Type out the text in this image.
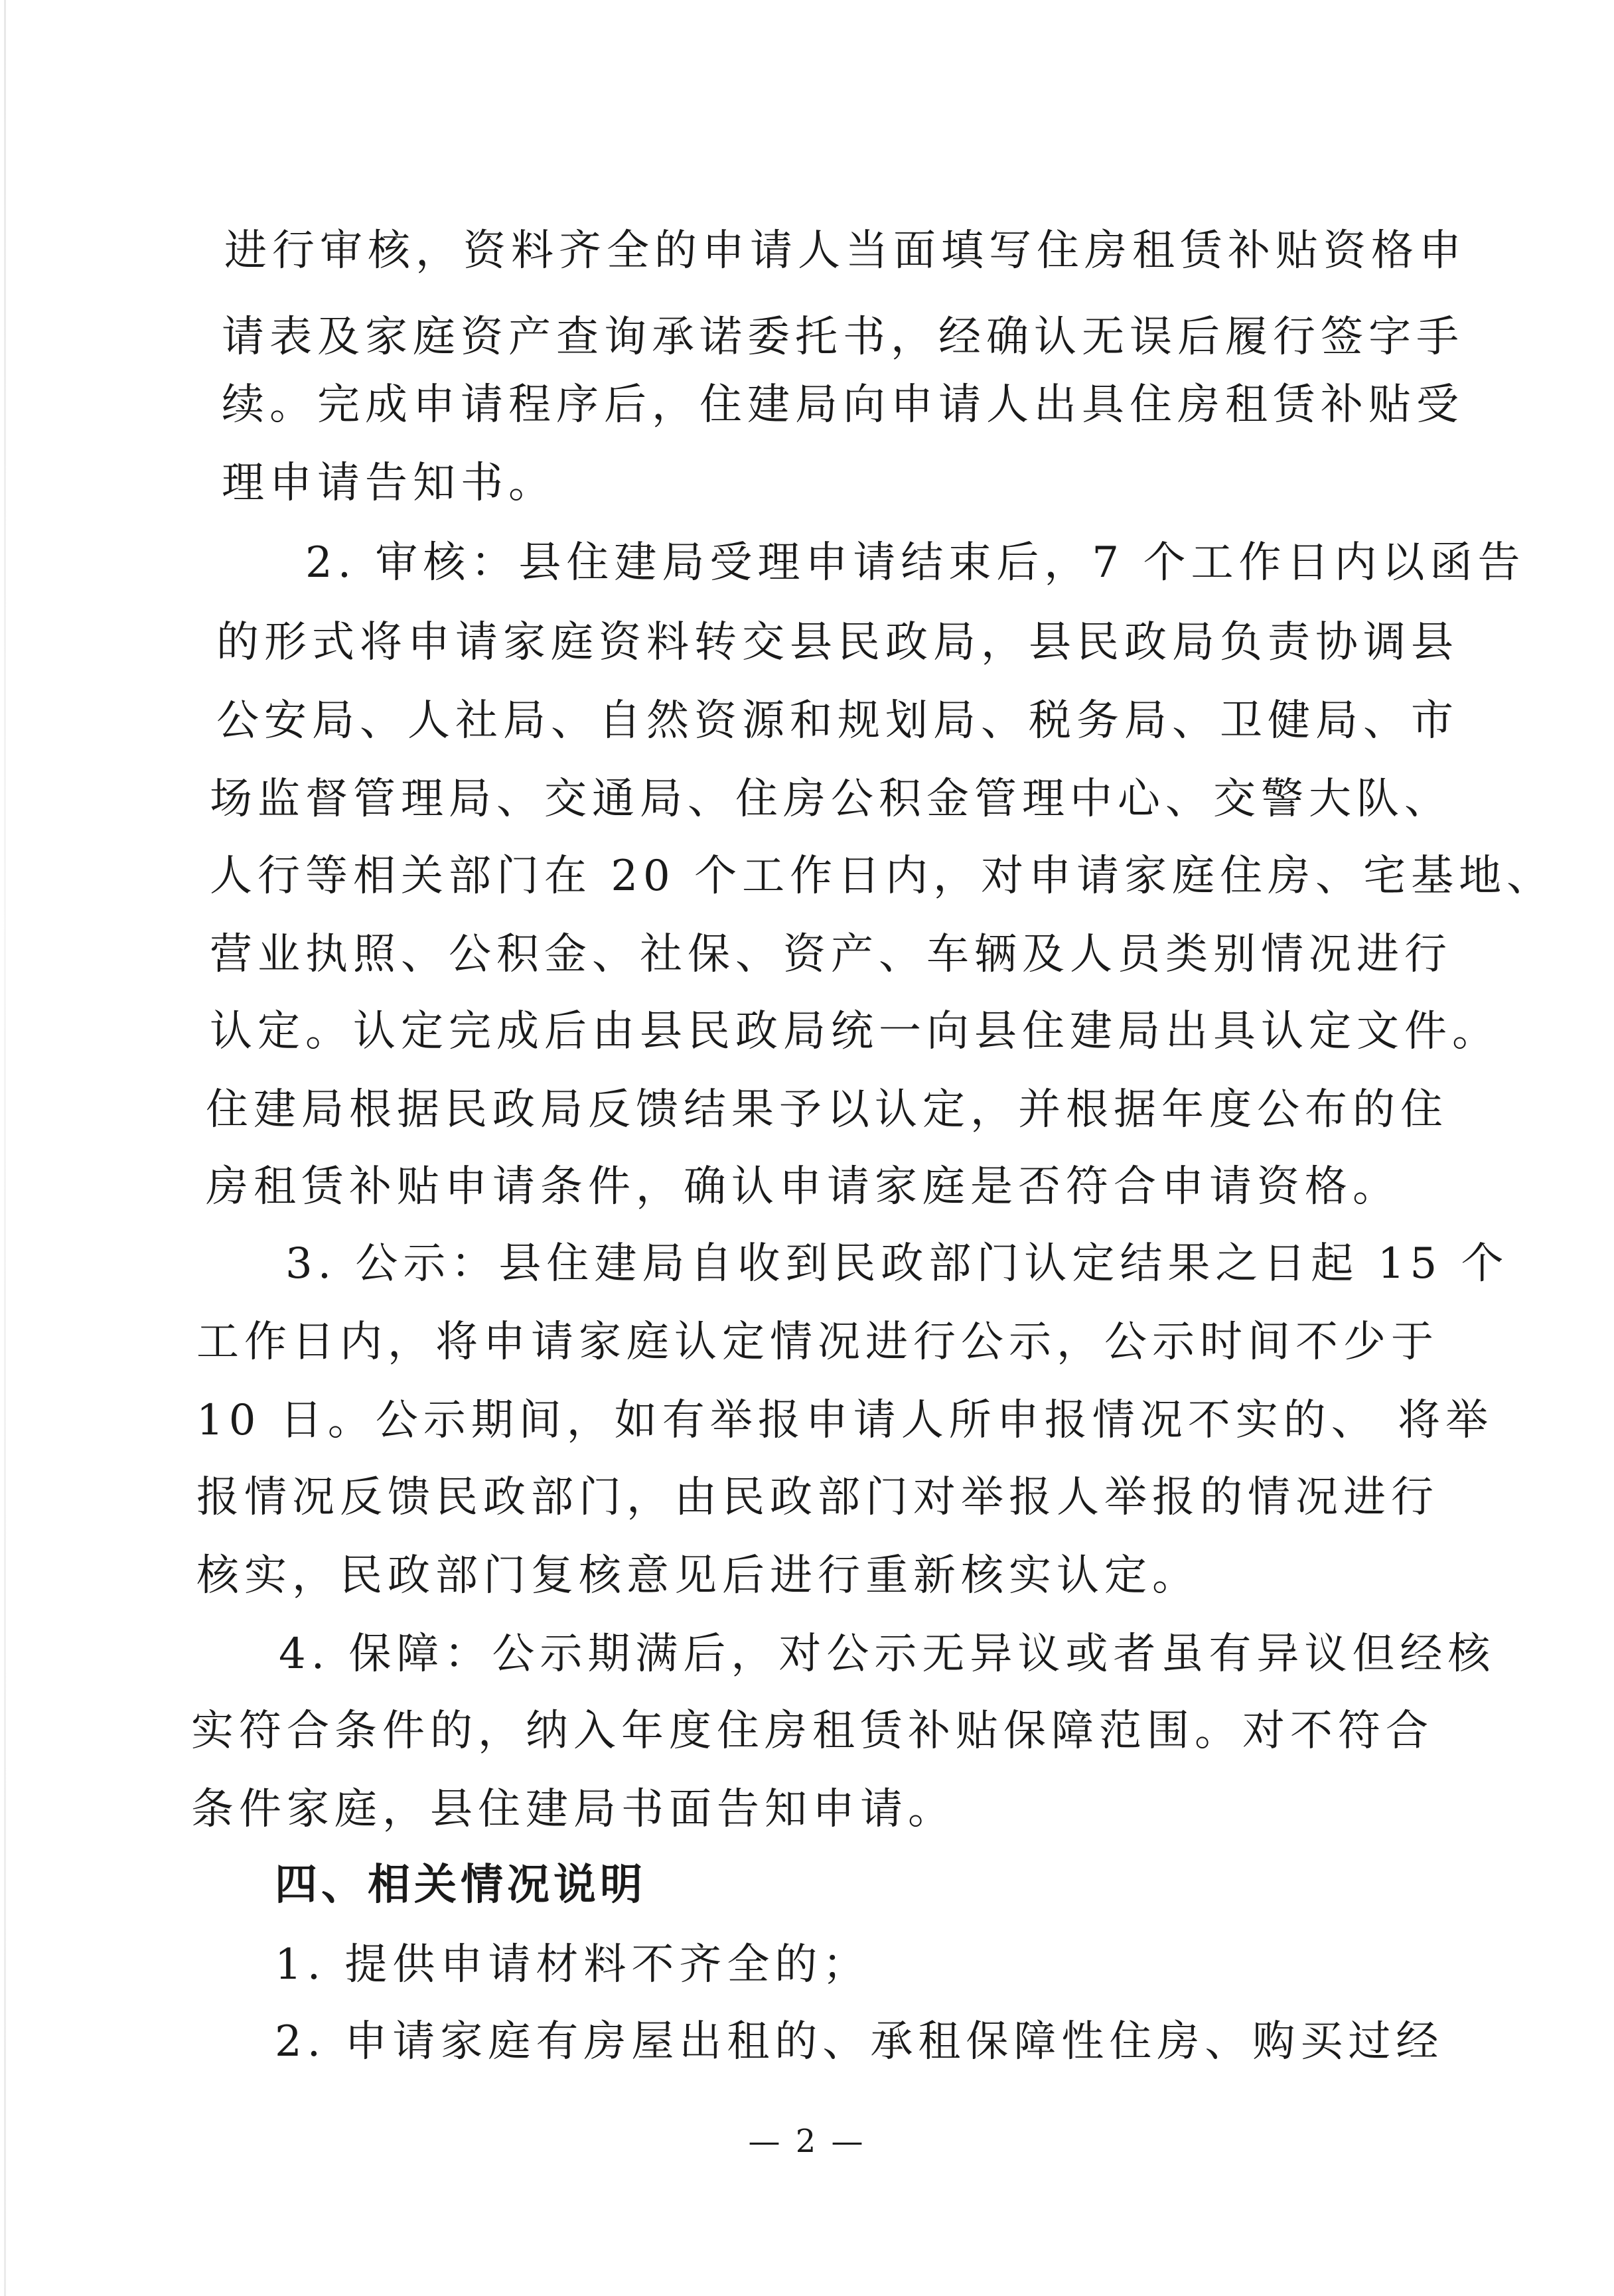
进行审核，资料齐全的申请人当面填写住房租赁补贴资格申
请表及家庭资产查询承诺委托书，经确认无误后履行签字手
续。完成申请程序后，住建局向申请人出具住房租赁补贴受
理申请告知书。
2. 审核：县住建局受理申请结束后，7 个工作日内以函告
的形式将申请家庭资料转交县民政局，县民政局负责协调县
公安局、人社局、自然资源和规划局、税务局、卫健局、市
场监督管理局、交通局、住房公积金管理中心、交警大队、
人行等相关部门在 20 个工作日内，对申请家庭住房、宅基地、
营业执照、公积金、社保、资产、车辆及人员类别情况进行
认定。认定完成后由县民政局统一向县住建局出具认定文件。
住建局根据民政局反馈结果予以认定，并根据年度公布的住
房租赁补贴申请条件，确认申请家庭是否符合申请资格。
3. 公示：县住建局自收到民政部门认定结果之日起 15 个
工作日内，将申请家庭认定情况进行公示，公示时间不少于
10 日。公示期间，如有举报申请人所申报情况不实的、 将举
报情况反馈民政部门，由民政部门对举报人举报的情况进行
核实，民政部门复核意见后进行重新核实认定。
4. 保障：公示期满后，对公示无异议或者虽有异议但经核
实符合条件的，纳入年度住房租赁补贴保障范围。对不符合
条件家庭，县住建局书面告知申请。
四、相关情况说明
1. 提供申请材料不齐全的；
2. 申请家庭有房屋出租的、承租保障性住房、购买过经
— 2 —
